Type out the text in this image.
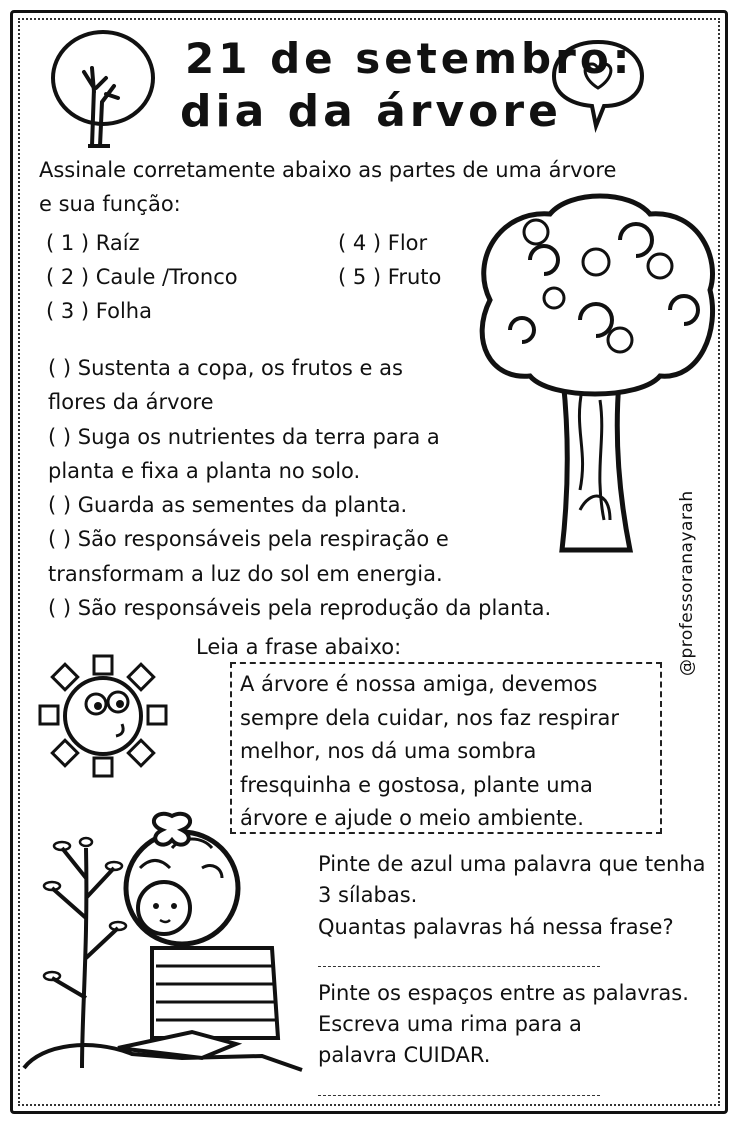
21 de setembro:
dia da árvore
Assinale corretamente abaixo as partes de uma árvore
e sua função:
( 1 ) Raíz
( 2 ) Caule /Tronco
( 3 ) Folha
( 4 ) Flor
( 5 ) Fruto
( ) Sustenta a copa, os frutos e as
flores da árvore
( ) Suga os nutrientes da terra para a
planta e fixa a planta no solo.
( ) Guarda as sementes da planta.
( ) São responsáveis pela respiração e
transformam a luz do sol em energia.
( ) São responsáveis pela reprodução da planta.
Leia a frase abaixo:
A árvore é nossa amiga, devemos
sempre dela cuidar, nos faz respirar
melhor, nos dá uma sombra
fresquinha e gostosa, plante uma
árvore e ajude o meio ambiente.
@professoranayarah
Pinte de azul uma palavra que tenha
3 sílabas.
Quantas palavras há nessa frase?
Pinte os espaços entre as palavras.
Escreva uma rima para a
palavra CUIDAR.
